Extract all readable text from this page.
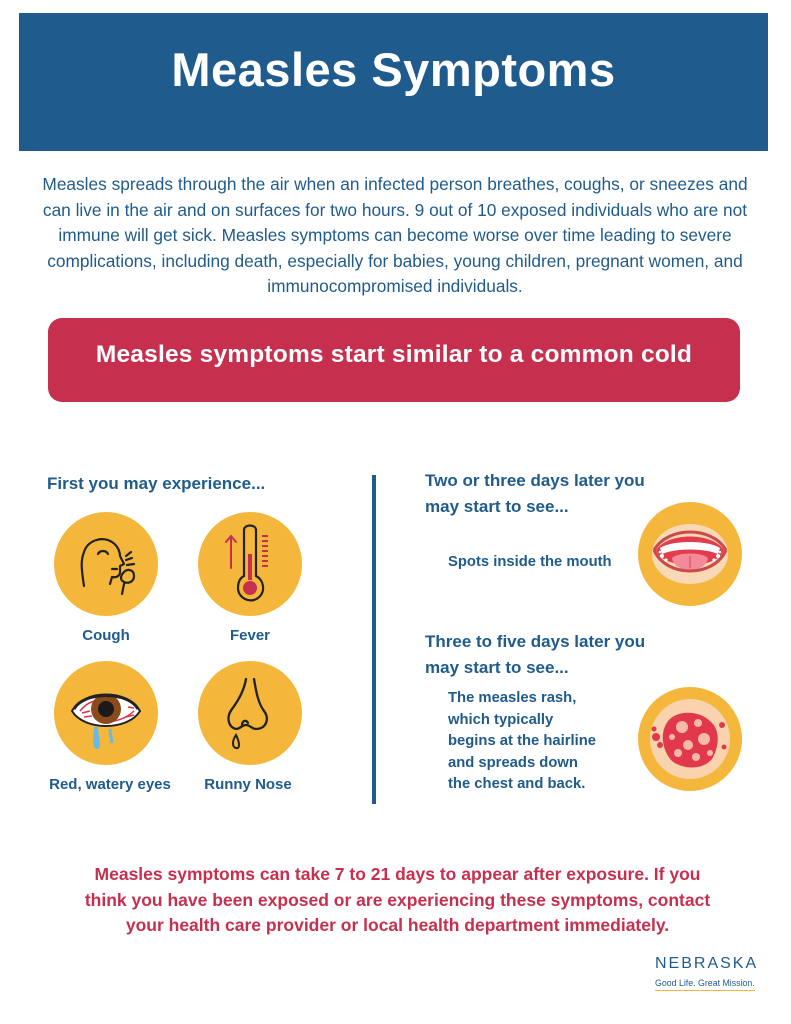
Measles Symptoms
Measles spreads through the air when an infected person breathes, coughs, or sneezes and can live in the air and on surfaces for two hours. 9 out of 10 exposed individuals who are not immune will get sick. Measles symptoms can become worse over time leading to severe complications, including death, especially for babies, young children, pregnant women, and immunocompromised individuals.
Measles symptoms start similar to a common cold
First you may experience...
Cough	Fever
Red, watery eyes	Runny Nose
Two or three days later you
may start to see...
Spots inside the mouth
Three to five days later you
may start to see...
The measles rash,
which typically
begins at the hairline
and spreads down
the chest and back.
Measles symptoms can take 7 to 21 days to appear after exposure. If you
think you have been exposed or are experiencing these symptoms, contact
your health care provider or local health department immediately.
NEBRASKA
Good Life. Great Mission.
